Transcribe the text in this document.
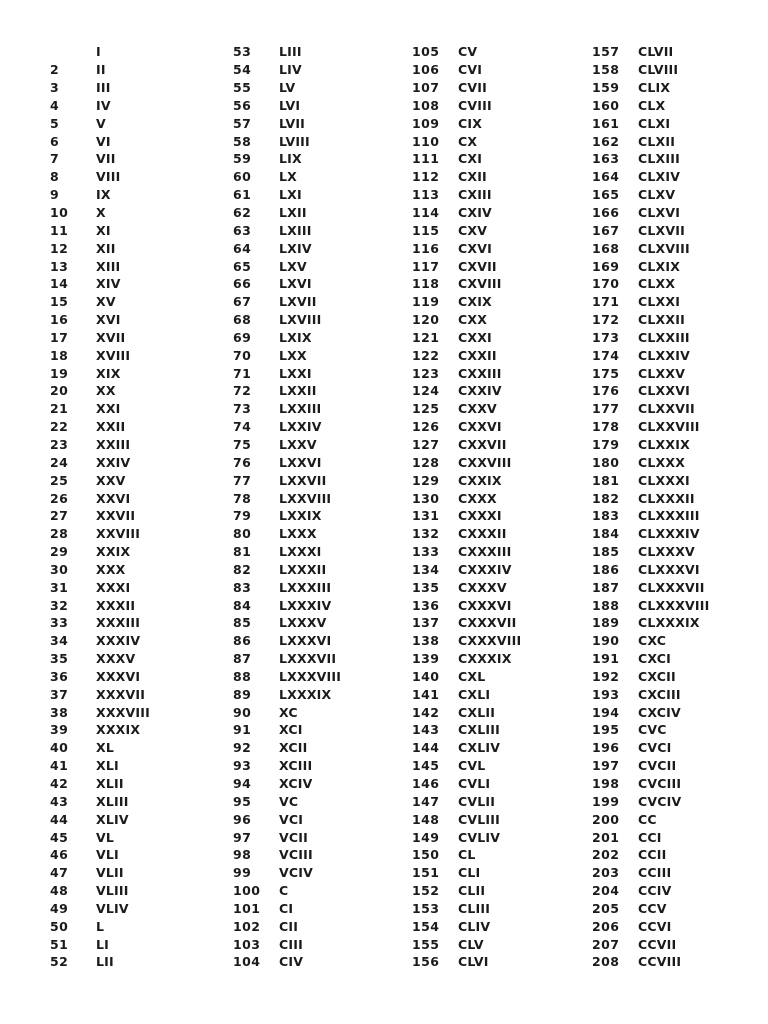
I
2	II
3	III
4	IV
5	V
6	VI
7	VII
8	VIII
9	IX
10	X
11	XI
12	XII
13	XIII
14	XIV
15	XV
16	XVI
17	XVII
18	XVIII
19	XIX
20	XX
21	XXI
22	XXII
23	XXIII
24	XXIV
25	XXV
26	XXVI
27	XXVII
28	XXVIII
29	XXIX
30	XXX
31	XXXI
32	XXXII
33	XXXIII
34	XXXIV
35	XXXV
36	XXXVI
37	XXXVII
38	XXXVIII
39	XXXIX
40	XL
41	XLI
42	XLII
43	XLIII
44	XLIV
45	VL
46	VLI
47	VLII
48	VLIII
49	VLIV
50	L
51	LI
52	LII
53	LIII
54	LIV
55	LV
56	LVI
57	LVII
58	LVIII
59	LIX
60	LX
61	LXI
62	LXII
63	LXIII
64	LXIV
65	LXV
66	LXVI
67	LXVII
68	LXVIII
69	LXIX
70	LXX
71	LXXI
72	LXXII
73	LXXIII
74	LXXIV
75	LXXV
76	LXXVI
77	LXXVII
78	LXXVIII
79	LXXIX
80	LXXX
81	LXXXI
82	LXXXII
83	LXXXIII
84	LXXXIV
85	LXXXV
86	LXXXVI
87	LXXXVII
88	LXXXVIII
89	LXXXIX
90	XC
91	XCI
92	XCII
93	XCIII
94	XCIV
95	VC
96	VCI
97	VCII
98	VCIII
99	VCIV
100	C
101	CI
102	CII
103	CIII
104	CIV
105	CV
106	CVI
107	CVII
108	CVIII
109	CIX
110	CX
111	CXI
112	CXII
113	CXIII
114	CXIV
115	CXV
116	CXVI
117	CXVII
118	CXVIII
119	CXIX
120	CXX
121	CXXI
122	CXXII
123	CXXIII
124	CXXIV
125	CXXV
126	CXXVI
127	CXXVII
128	CXXVIII
129	CXXIX
130	CXXX
131	CXXXI
132	CXXXII
133	CXXXIII
134	CXXXIV
135	CXXXV
136	CXXXVI
137	CXXXVII
138	CXXXVIII
139	CXXXIX
140	CXL
141	CXLI
142	CXLII
143	CXLIII
144	CXLIV
145	CVL
146	CVLI
147	CVLII
148	CVLIII
149	CVLIV
150	CL
151	CLI
152	CLII
153	CLIII
154	CLIV
155	CLV
156	CLVI
157	CLVII
158	CLVIII
159	CLIX
160	CLX
161	CLXI
162	CLXII
163	CLXIII
164	CLXIV
165	CLXV
166	CLXVI
167	CLXVII
168	CLXVIII
169	CLXIX
170	CLXX
171	CLXXI
172	CLXXII
173	CLXXIII
174	CLXXIV
175	CLXXV
176	CLXXVI
177	CLXXVII
178	CLXXVIII
179	CLXXIX
180	CLXXX
181	CLXXXI
182	CLXXXII
183	CLXXXIII
184	CLXXXIV
185	CLXXXV
186	CLXXXVI
187	CLXXXVII
188	CLXXXVIII
189	CLXXXIX
190	CXC
191	CXCI
192	CXCII
193	CXCIII
194	CXCIV
195	CVC
196	CVCI
197	CVCII
198	CVCIII
199	CVCIV
200	CC
201	CCI
202	CCII
203	CCIII
204	CCIV
205	CCV
206	CCVI
207	CCVII
208	CCVIII
